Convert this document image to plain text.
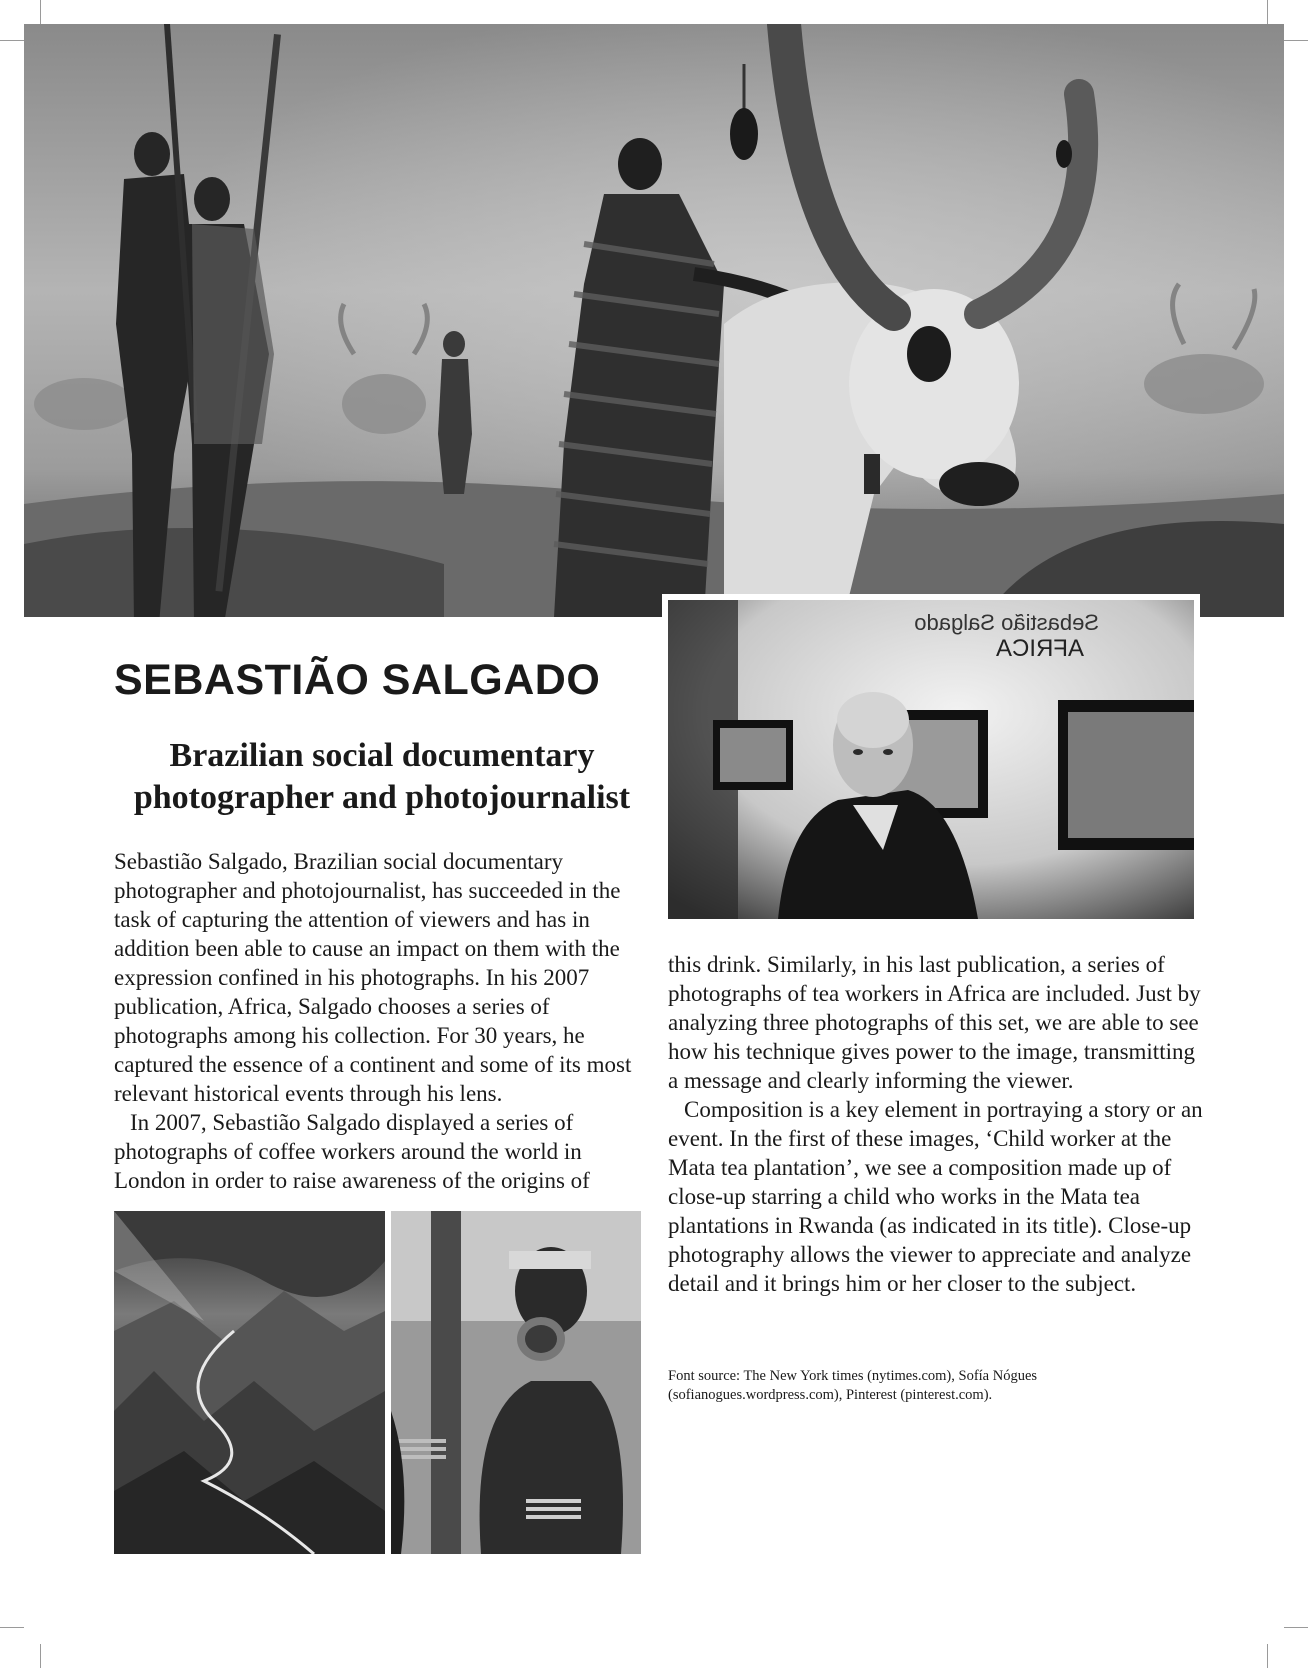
Sebastião Salgado
AFRICA
SEBASTIÃO SALGADO
Brazilian social documentary photographer and photojournalist

Sebastião Salgado, Brazilian social documentary photographer and photojournalist, has succeeded in the task of capturing the attention of viewers and has in addition been able to cause an impact on them with the expression confined in his photographs. In his 2007 publication, Africa, Salgado chooses a series of photographs among his collection. For 30 years, he captured the essence of a continent and some of its most relevant historical events through his lens.

In 2007, Sebastião Salgado displayed a series of photographs of coffee workers around the world in London in order to raise awareness of the origins of

this drink. Similarly, in his last publication, a series of photographs of tea workers in Africa are included. Just by analyzing three photographs of this set, we are able to see how his technique gives power to the image, transmitting a message and clearly informing the viewer.

Composition is a key element in portraying a story or an event. In the first of these images, ‘Child worker at the Mata tea plantation’, we see a composition made up of close-up starring a child who works in the Mata tea plantations in Rwanda (as indicated in its title). Close-up photography allows the viewer to appreciate and analyze detail and it brings him or her closer to the subject.

Font source: The New York times (nytimes.com), Sofía Nógues (sofianogues.wordpress.com), Pinterest (pinterest.com).
